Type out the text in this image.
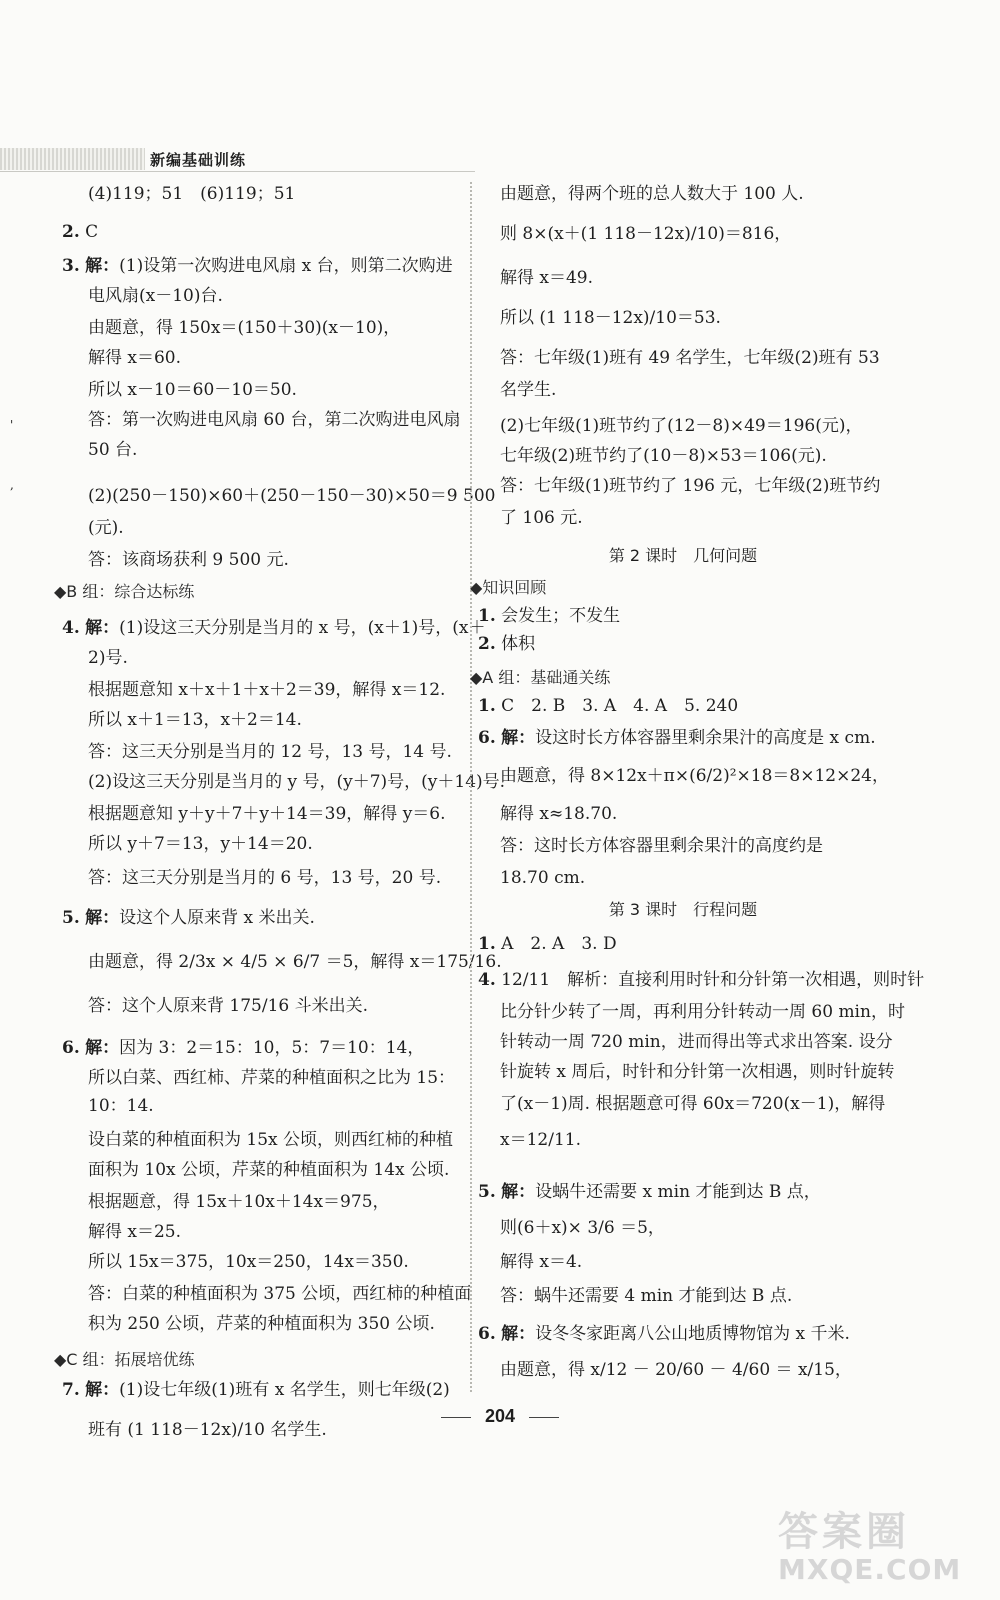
新编基础训练
'
,
(4)119；51　(6)119；51
2. C
3. 解：(1)设第一次购进电风扇 x 台，则第二次购进
电风扇(x－10)台.
由题意，得 150x＝(150＋30)(x－10)，
解得 x＝60.
所以 x－10＝60－10＝50.
答：第一次购进电风扇 60 台，第二次购进电风扇
50 台.
(2)(250－150)×60＋(250－150－30)×50＝9 500
(元).
答：该商场获利 9 500 元.
◆B 组：综合达标练
4. 解：(1)设这三天分别是当月的 x 号，(x＋1)号，(x＋
2)号.
根据题意知 x＋x＋1＋x＋2＝39，解得 x＝12.
所以 x＋1＝13，x＋2＝14.
答：这三天分别是当月的 12 号，13 号，14 号.
(2)设这三天分别是当月的 y 号，(y＋7)号，(y＋14)号.
根据题意知 y＋y＋7＋y＋14＝39，解得 y＝6.
所以 y＋7＝13，y＋14＝20.
答：这三天分别是当月的 6 号，13 号，20 号.
5. 解：设这个人原来背 x 米出关.
由题意，得 2/3x × 4/5 × 6/7 ＝5，解得 x＝175/16.
答：这个人原来背 175/16 斗米出关.
6. 解：因为 3：2＝15：10，5：7＝10：14，
所以白菜、西红柿、芹菜的种植面积之比为 15：
10：14.
设白菜的种植面积为 15x 公顷，则西红柿的种植
面积为 10x 公顷，芹菜的种植面积为 14x 公顷.
根据题意，得 15x＋10x＋14x＝975，
解得 x＝25.
所以 15x＝375，10x＝250，14x＝350.
答：白菜的种植面积为 375 公顷，西红柿的种植面
积为 250 公顷，芹菜的种植面积为 350 公顷.
◆C 组：拓展培优练
7. 解：(1)设七年级(1)班有 x 名学生，则七年级(2)
班有 (1 118－12x)/10 名学生.
由题意，得两个班的总人数大于 100 人.
则 8×(x＋(1 118－12x)/10)＝816，
解得 x＝49.
所以 (1 118－12x)/10＝53.
答：七年级(1)班有 49 名学生，七年级(2)班有 53
名学生.
(2)七年级(1)班节约了(12－8)×49＝196(元)，
七年级(2)班节约了(10－8)×53＝106(元).
答：七年级(1)班节约了 196 元，七年级(2)班节约
了 106 元.
第 2 课时　几何问题
◆知识回顾
1. 会发生；不发生
2. 体积
◆A 组：基础通关练
1. C　2. B　3. A　4. A　5. 240
6. 解：设这时长方体容器里剩余果汁的高度是 x cm.
由题意，得 8×12x＋π×(6/2)²×18＝8×12×24，
解得 x≈18.70.
答：这时长方体容器里剩余果汁的高度约是
18.70 cm.
第 3 课时　行程问题
1. A　2. A　3. D
4. 12/11　解析：直接利用时针和分针第一次相遇，则时针
比分针少转了一周，再利用分针转动一周 60 min，时
针转动一周 720 min，进而得出等式求出答案. 设分
针旋转 x 周后，时针和分针第一次相遇，则时针旋转
了(x－1)周. 根据题意可得 60x＝720(x－1)，解得
x＝12/11.
5. 解：设蜗牛还需要 x min 才能到达 B 点，
则(6＋x)× 3/6 ＝5，
解得 x＝4.
答：蜗牛还需要 4 min 才能到达 B 点.
6. 解：设冬冬家距离八公山地质博物馆为 x 千米.
由题意，得 x/12 － 20/60 － 4/60 ＝ x/15，
204
答案圈
MXQE.COM
